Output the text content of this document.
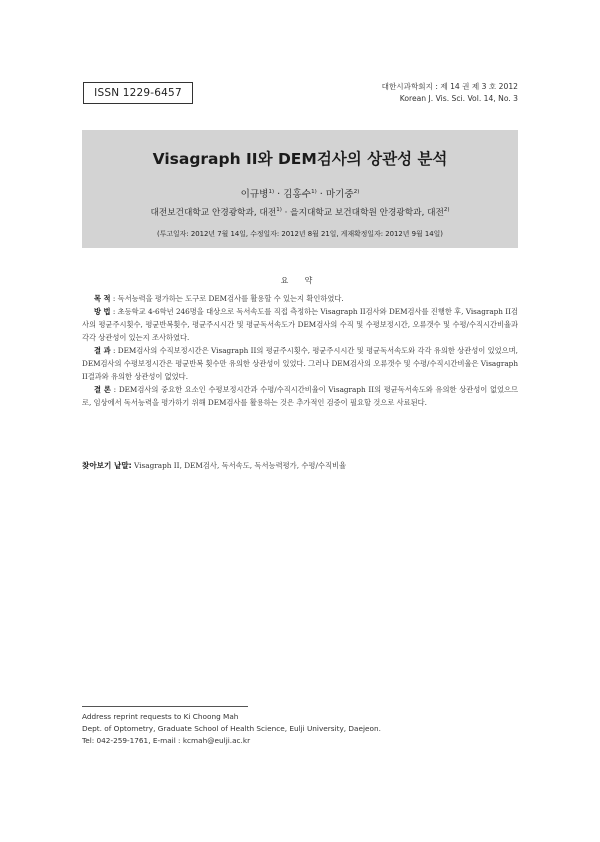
ISSN 1229-6457
대한시과학회지 : 제 14 권 제 3 호 2012
Korean J. Vis. Sci. Vol. 14, No. 3
Visagraph II와 DEM검사의 상관성 분석
이규병$^{1)}$ · 김홍수$^{1)}$ · 마기중$^{2)}$
대전보건대학교 안경광학과, 대전$^{1)}$ · 을지대학교 보건대학원 안경광학과, 대전$^{2)}$
(투고일자: 2012년 7월 14일, 수정일자: 2012년 8월 21일, 게재확정일자: 2012년 9월 14일)
요 약

목 적 : 독서능력을 평가하는 도구로 DEM검사를 활용할 수 있는지 확인하였다.

방 법 : 초등학교 4-6학년 246명을 대상으로 독서속도를 직접 측정하는 Visagraph II검사와 DEM검사를 진행한 후, Visagraph II검사의 평균주시횟수, 평균반복횟수, 평균주시시간 및 평균독서속도가 DEM검사의 수직 및 수평보정시간, 오류갯수 및 수평/수직시간비율과 각각 상관성이 있는지 조사하였다.

결 과 : DEM검사의 수직보정시간은 Visagraph II의 평균주시횟수, 평균주시시간 및 평균독서속도와 각각 유의한 상관성이 있었으며, DEM검사의 수평보정시간은 평균반복 횟수만 유의한 상관성이 있었다. 그러나 DEM검사의 오류갯수 및 수평/수직시간비율은 Visagraph II결과와 유의한 상관성이 없었다.

결 론 : DEM검사의 중요한 요소인 수평보정시간과 수평/수직시간비율이 Visagraph II의 평균독서속도와 유의한 상관성이 없었으므로, 임상에서 독서능력을 평가하기 위해 DEM검사를 활용하는 것은 추가적인 검증이 필요할 것으로 사료된다.

찾아보기 낱말: Visagraph II, DEM검사, 독서속도, 독서능력평가, 수평/수직비율
Address reprint requests to Ki Choong Mah
Dept. of Optometry, Graduate School of Health Science, Eulji University, Daejeon.
Tel: 042-259-1761, E-mail : kcmah@eulji.ac.kr
